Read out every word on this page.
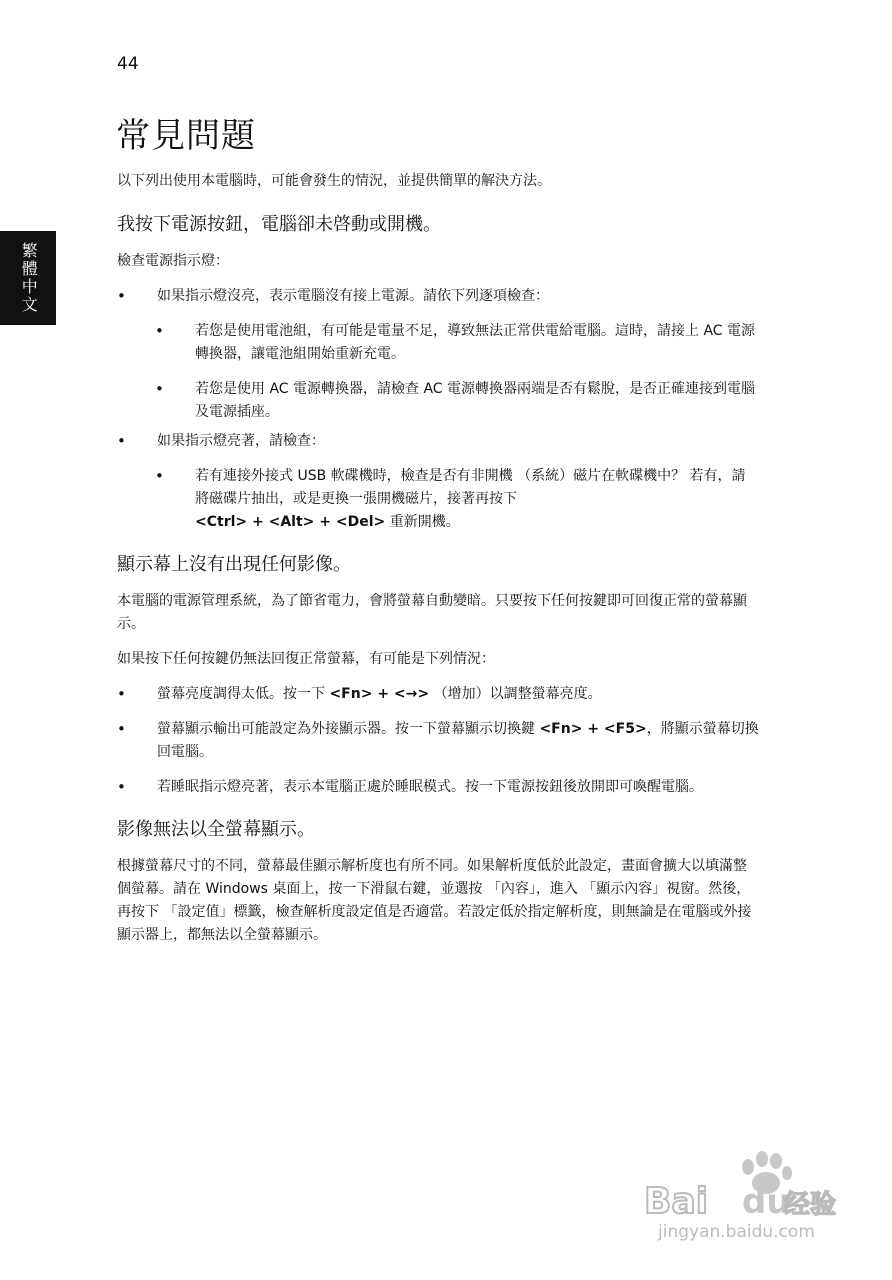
44
繁體中文
常見問題

以下列出使用本電腦時，可能會發生的情況，並提供簡單的解決方法。

我按下電源按鈕，電腦卻未啓動或開機。

檢查電源指示燈：

• 如果指示燈沒亮，表示電腦沒有接上電源。請依下列逐項檢查：
• 若您是使用電池組，有可能是電量不足，導致無法正常供電給電腦。這時，請接上 AC 電源轉換器，讓電池組開始重新充電。
• 若您是使用 AC 電源轉換器，請檢查 AC 電源轉換器兩端是否有鬆脫，是否正確連接到電腦及電源插座。
• 如果指示燈亮著，請檢查：
• 若有連接外接式 USB 軟碟機時，檢查是否有非開機 （系統）磁片在軟碟機中？ 若有，請將磁碟片抽出，或是更換一張開機磁片，接著再按下
<Ctrl> + <Alt> + <Del> 重新開機。
顯示幕上沒有出現任何影像。

本電腦的電源管理系統，為了節省電力，會將螢幕自動變暗。只要按下任何按鍵即可回復正常的螢幕顯示。

如果按下任何按鍵仍無法回復正常螢幕，有可能是下列情況：

• 螢幕亮度調得太低。按一下 <Fn> + <→> （增加）以調整螢幕亮度。
• 螢幕顯示輸出可能設定為外接顯示器。按一下螢幕顯示切換鍵 <Fn> + <F5>，將顯示螢幕切換回電腦。
• 若睡眠指示燈亮著，表示本電腦正處於睡眠模式。按一下電源按鈕後放開即可喚醒電腦。
影像無法以全螢幕顯示。

根據螢幕尺寸的不同，螢幕最佳顯示解析度也有所不同。如果解析度低於此設定，畫面會擴大以填滿整個螢幕。請在 Windows 桌面上，按一下滑鼠右鍵，並選按 「內容」，進入 「顯示內容」視窗。然後，再按下 「設定值」標籤，檢查解析度設定值是否適當。若設定低於指定解析度，則無論是在電腦或外接顯示器上，都無法以全螢幕顯示。

Bai du
经验
jingyan.baidu.com
